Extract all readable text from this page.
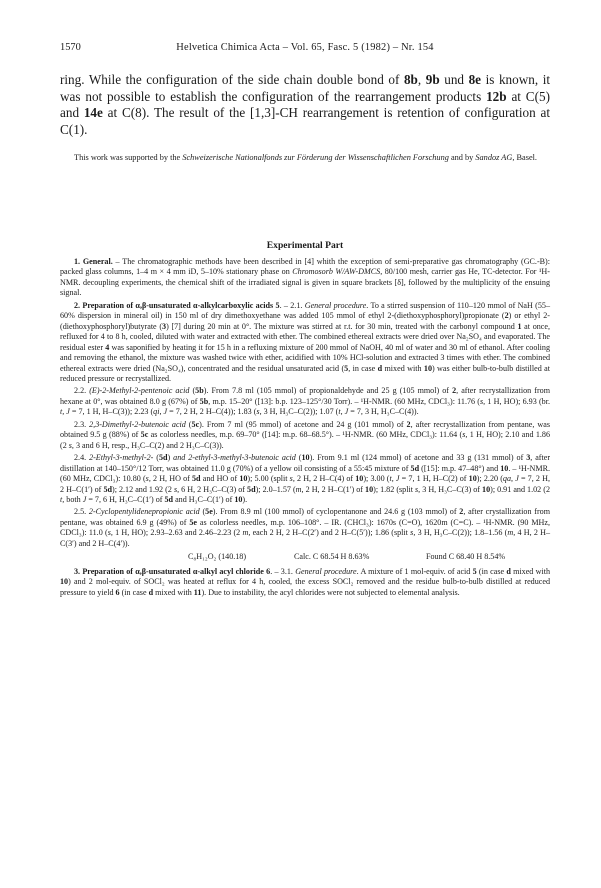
1570	Helvetica Chimica Acta – Vol. 65, Fasc. 5 (1982) – Nr. 154

ring. While the configuration of the side chain double bond of 8b, 9b und 8e is known, it was not possible to establish the configuration of the rearrangement products 12b at C(5) and 14e at C(8). The result of the [1,3]-CH rearrangement is retention of configuration at C(1).

This work was supported by the Schweizerische Nationalfonds zur Förderung der Wissenschaftlichen Forschung and by Sandoz AG, Basel.

Experimental Part

1. General. – The chromatographic methods have been described in [4] whith the exception of semi-preparative gas chromatography (GC.-B): packed glass columns, 1–4 m × 4 mm iD, 5–10% stationary phase on Chromosorb W/AW-DMCS, 80/100 mesh, carrier gas He, TC-detector. For ¹H-NMR. decoupling experiments, the chemical shift of the irradiated signal is given in square brackets [δ], followed by the multiplicity of the ensuing signal.

2. Preparation of α,β-unsaturated α-alkylcarboxylic acids 5. – 2.1. General procedure. To a stirred suspension of 110–120 mmol of NaH (55–60% dispersion in mineral oil) in 150 ml of dry dimethoxyethane was added 105 mmol of ethyl 2-(diethoxyphosphoryl)propionate (2) or ethyl 2-(diethoxyphosphoryl)butyrate (3) [7] during 20 min at 0°. The mixture was stirred at r.t. for 30 min, treated with the carbonyl compound 1 at once, refluxed for 4 to 8 h, cooled, diluted with water and extracted with ether. The combined ethereal extracts were dried over Na₂SO₄ and evaporated. The residual ester 4 was saponified by heating it for 15 h in a refluxing mixture of 200 mmol of NaOH, 40 ml of water and 30 ml of ethanol. After cooling and removing the ethanol, the mixture was washed twice with ether, acidified with 10% HCl-solution and extracted 3 times with ether. The combined ethereal extracts were dried (Na₂SO₄), concentrated and the residual unsaturated acid (5, in case d mixed with 10) was either bulb-to-bulb distilled at reduced pressure or recrystallized.

2.2. (E)-2-Methyl-2-pentenoic acid (5b). From 7.8 ml (105 mmol) of propionaldehyde and 25 g (105 mmol) of 2, after recrystallization from hexane at 0°, was obtained 8.0 g (67%) of 5b, m.p. 15–20° ([13]: b.p. 123–125°/30 Torr). – ¹H-NMR. (60 MHz, CDCl₃): 11.76 (s, 1 H, HO); 6.93 (br. t, J = 7, 1 H, H–C(3)); 2.23 (qi, J = 7, 2 H, 2 H–C(4)); 1.83 (s, 3 H, H₃C–C(2)); 1.07 (t, J = 7, 3 H, H₃C–C(4)).

2.3. 2,3-Dimethyl-2-butenoic acid (5c). From 7 ml (95 mmol) of acetone and 24 g (101 mmol) of 2, after recrystallization from pentane, was obtained 9.5 g (88%) of 5c as colorless needles, m.p. 69–70° ([14]: m.p. 68–68.5°). – ¹H-NMR. (60 MHz, CDCl₃): 11.64 (s, 1 H, HO); 2.10 and 1.86 (2 s, 3 and 6 H, resp., H₃C–C(2) and 2 H₃C–C(3)).

2.4. 2-Ethyl-3-methyl-2- (5d) and 2-ethyl-3-methyl-3-butenoic acid (10). From 9.1 ml (124 mmol) of acetone and 33 g (131 mmol) of 3, after distillation at 140–150°/12 Torr, was obtained 11.0 g (70%) of a yellow oil consisting of a 55:45 mixture of 5d ([15]: m.p. 47–48°) and 10. – ¹H-NMR. (60 MHz, CDCl₃): 10.80 (s, 2 H, HO of 5d and HO of 10); 5.00 (split s, 2 H, 2 H–C(4) of 10); 3.00 (t, J = 7, 1 H, H–C(2) of 10); 2.20 (qa, J = 7, 2 H, 2 H–C(1′) of 5d); 2.12 and 1.92 (2 s, 6 H, 2 H₃C–C(3) of 5d); 2.0–1.57 (m, 2 H, 2 H–C(1′) of 10); 1.82 (split s, 3 H, H₃C–C(3) of 10); 0.91 and 1.02 (2 t, both J = 7, 6 H, H₃C–C(1′) of 5d and H₃C–C(1′) of 10).

2.5. 2-Cyclopentylidenepropionic acid (5e). From 8.9 ml (100 mmol) of cyclopentanone and 24.6 g (103 mmol) of 2, after crystallization from pentane, was obtained 6.9 g (49%) of 5e as colorless needles, m.p. 106–108°. – IR. (CHCl₃): 1670s (C=O), 1620m (C=C). – ¹H-NMR. (90 MHz, CDCl₃): 11.0 (s, 1 H, HO); 2.93–2.63 and 2.46–2.23 (2 m, each 2 H, 2 H–C(2′) and 2 H–C(5′)); 1.86 (split s, 3 H, H₃C–C(2)); 1.8–1.56 (m, 4 H, 2 H–C(3′) and 2 H–C(4′)).

C₈H₁₂O₂ (140.18)	Calc. C 68.54 H 8.63%	Found C 68.40 H 8.54%

3. Preparation of α,β-unsaturated α-alkyl acyl chloride 6. – 3.1. General procedure. A mixture of 1 mol-equiv. of acid 5 (in case d mixed with 10) and 2 mol-equiv. of SOCl₂ was heated at reflux for 4 h, cooled, the excess SOCl₂ removed and the residue bulb-to-bulb distilled at reduced pressure to yield 6 (in case d mixed with 11). Due to instability, the acyl chlorides were not subjected to elemental analysis.
